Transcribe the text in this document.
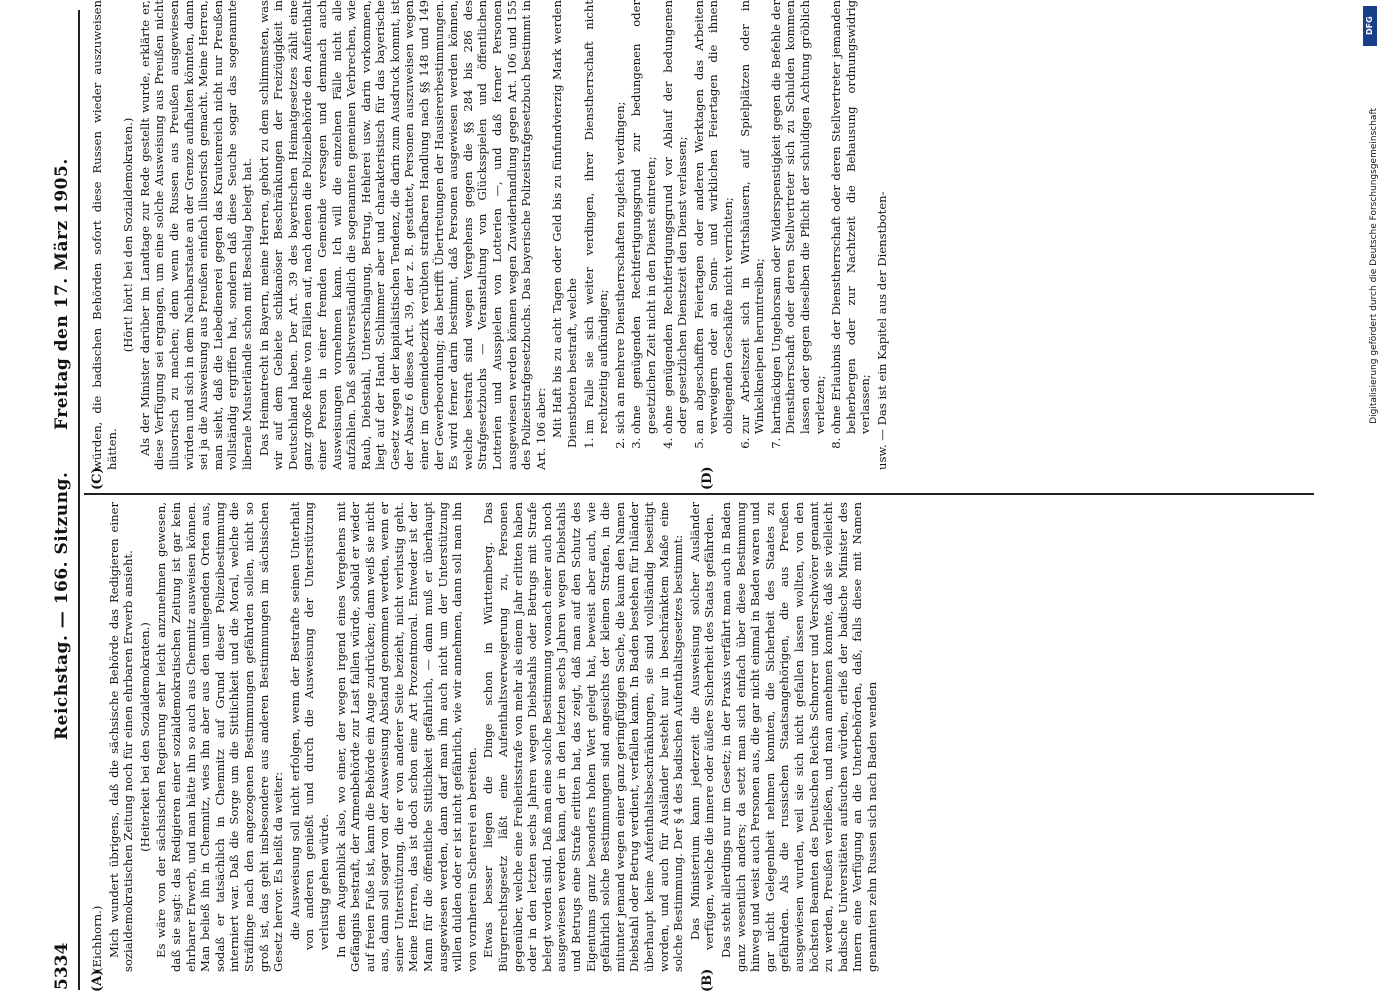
5334
Reichstag. — 166. Sitzung.
Freitag den 17. März 1905.
(A)	(B)
(C)	(D)

(Eichhorn.) Mich wundert übrigens, daß die sächsische Behörde das Redigieren einer sozialdemokratischen Zeitung noch für einen ehrbaren Erwerb ansieht. (Heiterkeit bei den Sozialdemokraten.) Es wäre von der sächsischen Regierung sehr leicht anzunehmen gewesen, daß sie sagt: das Redigieren einer sozialdemokratischen Zeitung ist gar kein ehrbarer Erwerb, und man hätte ihn so auch aus Chemnitz ausweisen können. Man beließ ihn in Chemnitz, wies ihn aber aus den umliegenden Orten aus, sodaß er tatsächlich in Chemnitz auf Grund dieser Polizeibestimmung interniert war. Daß die Sorge um die Sittlichkeit und die Moral, welche die Sträflinge nach den angezogenen Bestimmungen gefährden sollen, nicht so groß ist, das geht insbesondere aus anderen Bestimmungen im sächsischen Gesetz hervor. Es heißt da weiter: die Ausweisung soll nicht erfolgen, wenn der Bestrafte seinen Unterhalt von anderen genießt und durch die Ausweisung der Unterstützung verlustig gehen würde. In dem Augenblick also, wo einer, der wegen irgend eines Vergehens mit Gefängnis bestraft, der Armenbehörde zur Last fallen würde, sobald er wieder auf freien Fuße ist, kann die Behörde ein Auge zudrücken; dann weiß sie nicht aus, dann soll sogar von der Ausweisung Abstand genommen werden, wenn er seiner Unterstützung, die er von anderer Seite bezieht, nicht verlustig geht. Meine Herren, das ist doch schon eine Art Prozentmoral. Entweder ist der Mann für die öffentliche Sittlichkeit gefährlich, — dann muß er überhaupt ausgewiesen werden, dann darf man ihn auch nicht um der Unterstützung willen dulden oder er ist nicht gefährlich, wie wir annehmen, dann soll man ihn von vornherein Schererei en bereiten. Etwas besser liegen die Dinge schon in Württemberg. Das Bürgerrechtsgesetz läßt eine Aufenthaltsverweigerung zu, Personen gegenüber, welche eine Freiheitsstrafe von mehr als einem Jahr erlitten haben oder in den letzten sechs Jahren wegen Diebstahls oder Betrugs mit Strafe belegt worden sind. Daß man eine solche Bestimmung wonach einer auch noch ausgewiesen werden kann, der in den letzten sechs Jahren wegen Diebstahls und Betrugs eine Strafe erlitten hat, das zeigt, daß man auf den Schutz des Eigentums ganz besonders hohen Wert gelegt hat, beweist aber auch, wie gefährlich solche Bestimmungen sind angesichts der kleinen Strafen, in die mitunter jemand wegen einer ganz geringfügigen Sache, die kaum den Namen Diebstahl oder Betrug verdient, verfallen kann. In Baden bestehen für Inländer überhaupt keine Aufenthaltsbeschränkungen, sie sind vollständig beseitigt worden, und auch für Ausländer besteht nur in beschränktem Maße eine solche Bestimmung. Der § 4 des badischen Aufenthaltsgesetzes bestimmt: Das Ministerium kann jederzeit die Ausweisung solcher Ausländer verfügen, welche die innere oder äußere Sicherheit des Staats gefährden. Das steht allerdings nur im Gesetz; in der Praxis verfährt man auch in Baden ganz wesentlich anders; da setzt man sich einfach über diese Bestimmung hinweg und weist auch Personen aus, die gar nicht einmal in Baden waren und gar nicht Gelegenheit nehmen konnten, die Sicherheit des Staates zu gefährden. Als die russischen Staatsangehörigen, die aus Preußen ausgewiesen wurden, weil sie sich nicht gefallen lassen wollten, von den höchsten Beamten des Deutschen Reichs Schnorrer und Verschwörer genannt zu werden, Preußen verließen, und man annehmen konnte, daß sie vielleicht badische Universitäten aufsuchen würden, erließ der badische Minister des Innern eine Verfügung an die Unterbehörden, daß, falls diese mit Namen genannten zehn Russen sich nach Baden wenden

würden, die badischen Behörden sofort diese Russen wieder auszuweisen hätten.

(Hört! hört! bei den Sozialdemokraten.) Als der Minister darüber im Landtage zur Rede gestellt wurde, erklärte er, diese Verfügung sei ergangen, um eine solche Ausweisung aus Preußen nicht illusorisch zu machen; denn wenn die Russen aus Preußen ausgewiesen würden und sich in dem Nachbarstaate an der Grenze aufhalten könnten, dann sei ja die Ausweisung aus Preußen einfach illusorisch gemacht. Meine Herren, man sieht, daß die Liebedienerei gegen das Krautenreich nicht nur Preußen vollständig ergriffen hat, sondern daß diese Seuche sogar das sogenannte liberale Musterländle schon mit Beschlag belegt hat. Das Heimatrecht in Bayern, meine Herren, gehört zu dem schlimmsten, was wir auf dem Gebiete schikanöser Beschränkungen der Freizügigkeit in Deutschland haben. Der Art. 39 des bayerischen Heimatgesetzes zählt eine ganz große Reihe von Fällen auf, nach denen die Polizeibehörde den Aufenthalt einer Person in einer fremden Gemeinde versagen und demnach auch Ausweisungen vornehmen kann. Ich will die einzelnen Fälle nicht alle aufzählen. Daß selbstverständlich die sogenannten gemeinen Verbrechen, wie Raub, Diebstahl, Unterschlagung, Betrug, Hehlerei usw. darin vorkommen, liegt auf der Hand. Schlimmer aber und charakteristisch für das bayerische Gesetz wegen der kapitalistischen Tendenz, die darin zum Ausdruck kommt, ist der Absatz 6 dieses Art. 39, der z. B. gestattet, Personen auszuweisen wegen einer im Gemeindebezirk verübten strafbaren Handlung nach §§ 148 und 149 der Gewerbeordnung; das betrifft Übertretungen der Hausiererbestimmungen. Es wird ferner darin bestimmt, daß Personen ausgewiesen werden können, welche bestraft sind wegen Vergehens gegen die §§ 284 bis 286 des Strafgesetzbuchs — Veranstaltung von Glücksspielen und öffentlichen Lotterien und Ausspielen von Lotterien —, und daß ferner Personen ausgewiesen werden können wegen Zuwiderhandlung gegen Art. 106 und 155 des Polizeistrafgesetzbuchs. Das bayerische Polizeistrafgesetzbuch bestimmt in Art. 106 aber: Mit Haft bis zu acht Tagen oder Geld bis zu fünfundvierzig Mark werden Dienstboten bestraft, welche 1. im Falle sie sich weiter verdingen, ihrer Dienstherrschaft nicht rechtzeitig aufkündigen; 2. sich an mehrere Dienstherrschaften zugleich verdingen; 3. ohne genügenden Rechtfertigungsgrund zur bedungenen oder gesetzlichen Zeit nicht in den Dienst eintreten; 4. ohne genügenden Rechtfertigungsgrund vor Ablauf der bedungenen oder gesetzlichen Dienstzeit den Dienst verlassen; 5. an abgeschafften Feiertagen oder anderen Werktagen das Arbeiten verweigern oder an Sonn- und wirklichen Feiertagen die ihnen obliegenden Geschäfte nicht verrichten; 6. zur Arbeitszeit sich in Wirtshäusern, auf Spielplätzen oder in Winkelkneipen herumtreiben; 7. hartnäckigen Ungehorsam oder Widerspenstigkeit gegen die Befehle der Dienstherrschaft oder deren Stellvertreter sich zu Schulden kommen lassen oder gegen dieselben die Pflicht der schuldigen Achtung gröblich verletzen; 8. ohne Erlaubnis der Dienstherrschaft oder deren Stellvertreter jemanden beherbergen oder zur Nachtzeit die Behausung ordnungswidrig verlassen; usw. — Das ist ein Kapitel aus der Dienstboten-

DFG
Digitalisierung gefördert durch die Deutsche Forschungsgemeinschaft
